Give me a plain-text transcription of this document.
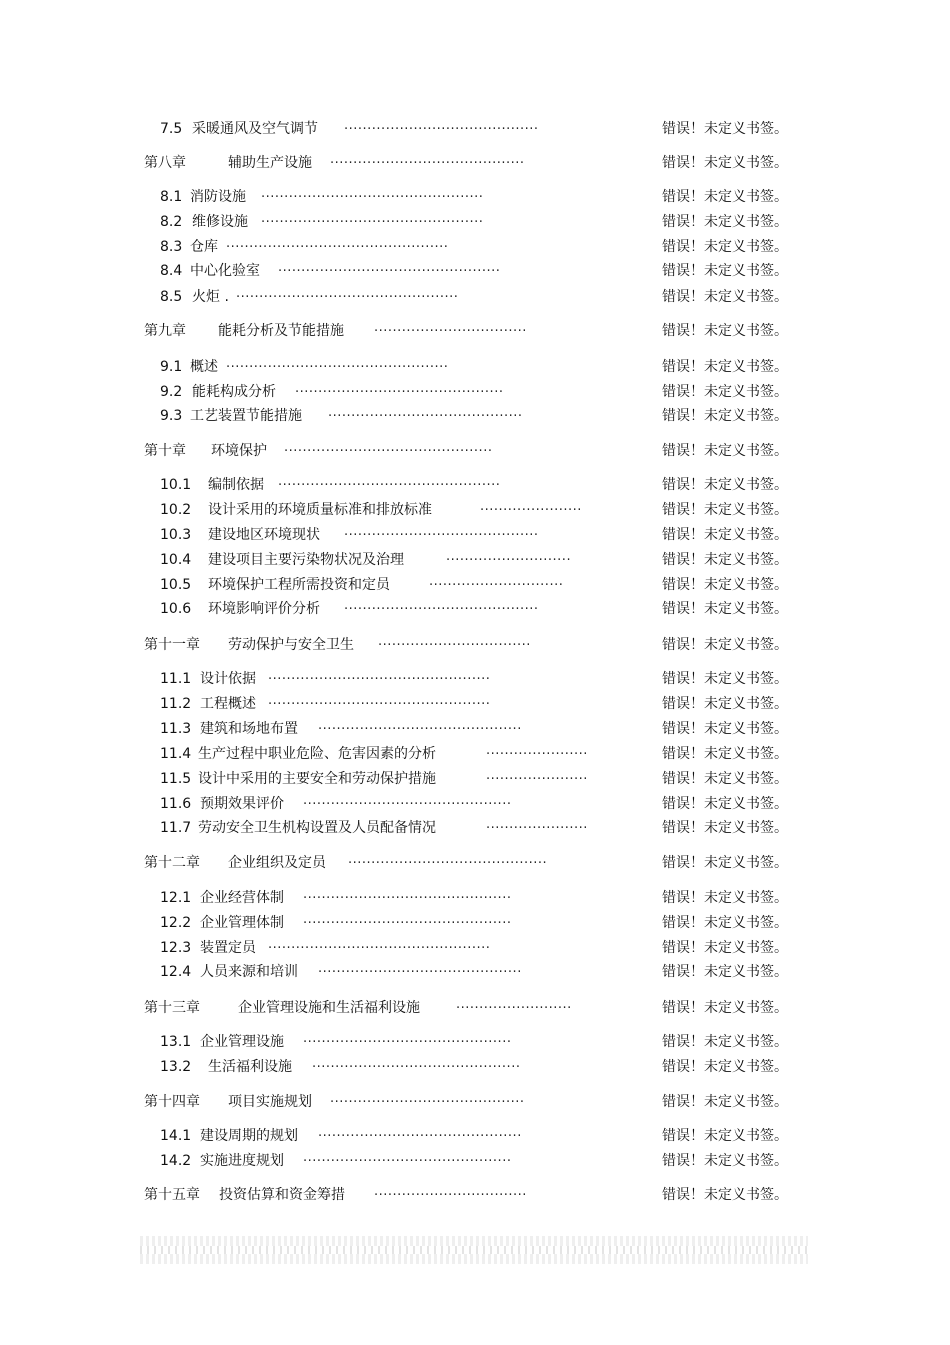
7.5 采暖通风及空气调节 ..........................................	错误！未定义书签。
第八章	辅助生产设施 ..........................................	错误！未定义书签。
8.1 消防设施 ................................................	错误！未定义书签。
8.2 维修设施 ................................................	错误！未定义书签。
8.3 仓库 ................................................	错误！未定义书签。
8.4 中心化验室 ................................................	错误！未定义书签。
8.5 火炬 . ................................................	错误！未定义书签。
第九章 能耗分析及节能措施 .................................	错误！未定义书签。
9.1 概述 ................................................	错误！未定义书签。
9.2 能耗构成分析 .............................................	错误！未定义书签。
9.3 工艺装置节能措施 ..........................................	错误！未定义书签。
第十章 环境保护 .............................................	错误！未定义书签。
10.1 编制依据 ................................................	错误！未定义书签。
10.2 设计采用的环境质量标准和排放标准	......................	错误！未定义书签。
10.3 建设地区环境现状 ..........................................	错误！未定义书签。
10.4 建设项目主要污染物状况及治理	...........................	错误！未定义书签。
10.5 环境保护工程所需投资和定员	.............................	错误！未定义书签。
10.6 环境影响评价分析 ..........................................	错误！未定义书签。
第十一章 劳动保护与安全卫生 .................................	错误！未定义书签。
11.1 设计依据 ................................................	错误！未定义书签。
11.2 工程概述 ................................................	错误！未定义书签。
11.3 建筑和场地布置 ............................................	错误！未定义书签。
11.4 生产过程中职业危险、危害因素的分析	......................	错误！未定义书签。
11.5 设计中采用的主要安全和劳动保护措施	......................	错误！未定义书签。
11.6 预期效果评价 .............................................	错误！未定义书签。
11.7 劳动安全卫生机构设置及人员配备情况	......................	错误！未定义书签。
第十二章 企业组织及定员 ...........................................	错误！未定义书签。
12.1 企业经营体制 .............................................	错误！未定义书签。
12.2 企业管理体制 .............................................	错误！未定义书签。
12.3 装置定员 ................................................	错误！未定义书签。
12.4 人员来源和培训 ............................................	错误！未定义书签。
第十三章	企业管理设施和生活福利设施	.........................	错误！未定义书签。
13.1 企业管理设施 .............................................	错误！未定义书签。
13.2 生活福利设施 .............................................	错误！未定义书签。
第十四章 项目实施规划 ..........................................	错误！未定义书签。
14.1 建设周期的规划 ............................................	错误！未定义书签。
14.2 实施进度规划 .............................................	错误！未定义书签。
第十五章 投资估算和资金筹措 .................................	错误！未定义书签。
